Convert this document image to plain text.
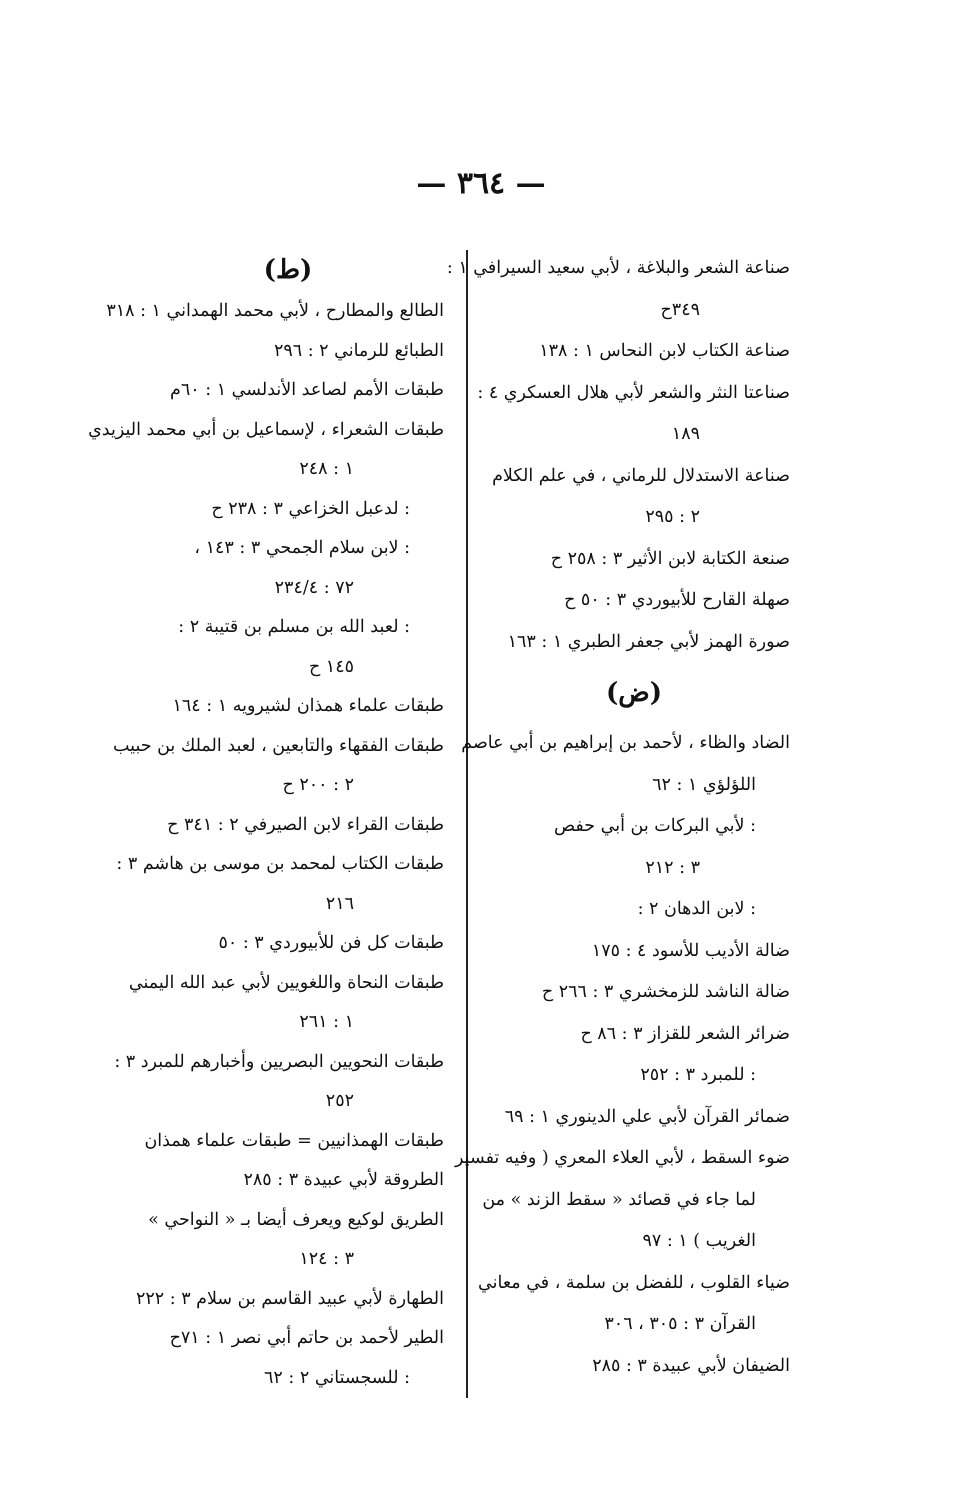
— ٣٦٤ —
صناعة الشعر والبلاغة ، لأبي سعيد السيرافي ١ :
٣٤٩ح
صناعة الكتاب لابن النحاس ١ : ١٣٨
صناعتا النثر والشعر لأبي هلال العسكري ٤ :
١٨٩
صناعة الاستدلال للرماني ، في علم الكلام
٢ : ٢٩٥
صنعة الكتابة لابن الأثير ٣ : ٢٥٨ ح
صهلة القارح للأبيوردي ٣ : ٥٠ ح
صورة الهمز لأبي جعفر الطبري ١ : ١٦٣
(ض)
الضاد والظاء ، لأحمد بن إبراهيم بن أبي عاصم
اللؤلؤي ١ : ٦٢
: لأبي البركات بن أبي حفص
٣ : ٢١٢
: لابن الدهان ٢ :
ضالة الأديب للأسود ٤ : ١٧٥
ضالة الناشد للزمخشري ٣ : ٢٦٦ ح
ضرائر الشعر للقزاز ٣ : ٨٦ ح
: للمبرد ٣ : ٢٥٢
ضمائر القرآن لأبي علي الدينوري ١ : ٦٩
ضوء السقط ، لأبي العلاء المعري ( وفيه تفسير
لما جاء في قصائد « سقط الزند » من
الغريب ) ١ : ٩٧
ضياء القلوب ، للفضل بن سلمة ، في معاني
القرآن ٣ : ٣٠٥ ، ٣٠٦
الضيفان لأبي عبيدة ٣ : ٢٨٥
(ط)
الطالع والمطارح ، لأبي محمد الهمداني ١ : ٣١٨
الطبائع للرماني ٢ : ٢٩٦
طبقات الأمم لصاعد الأندلسي ١ : ٦٠م
طبقات الشعراء ، لإسماعيل بن أبي محمد اليزيدي
١ : ٢٤٨
: لدعبل الخزاعي ٣ : ٢٣٨ ح
: لابن سلام الجمحي ٣ : ١٤٣ ،
٧٢ : ٢٣٤/٤
: لعبد الله بن مسلم بن قتيبة ٢ :
١٤٥ ح
طبقات علماء همذان لشيرويه ١ : ١٦٤
طبقات الفقهاء والتابعين ، لعبد الملك بن حبيب
٢ : ٢٠٠ ح
طبقات القراء لابن الصيرفي ٢ : ٣٤١ ح
طبقات الكتاب لمحمد بن موسى بن هاشم ٣ :
٢١٦
طبقات كل فن للأبيوردي ٣ : ٥٠
طبقات النحاة واللغويين لأبي عبد الله اليمني
١ : ٢٦١
طبقات النحويين البصريين وأخبارهم للمبرد ٣ :
٢٥٢
طبقات الهمذانيين = طبقات علماء همذان
الطروقة لأبي عبيدة ٣ : ٢٨٥
الطريق لوكيع ويعرف أيضا بـ « النواحي »
٣ : ١٢٤
الطهارة لأبي عبيد القاسم بن سلام ٣ : ٢٢٢
الطير لأحمد بن حاتم أبي نصر ١ : ٧١ح
: للسجستاني ٢ : ٦٢
